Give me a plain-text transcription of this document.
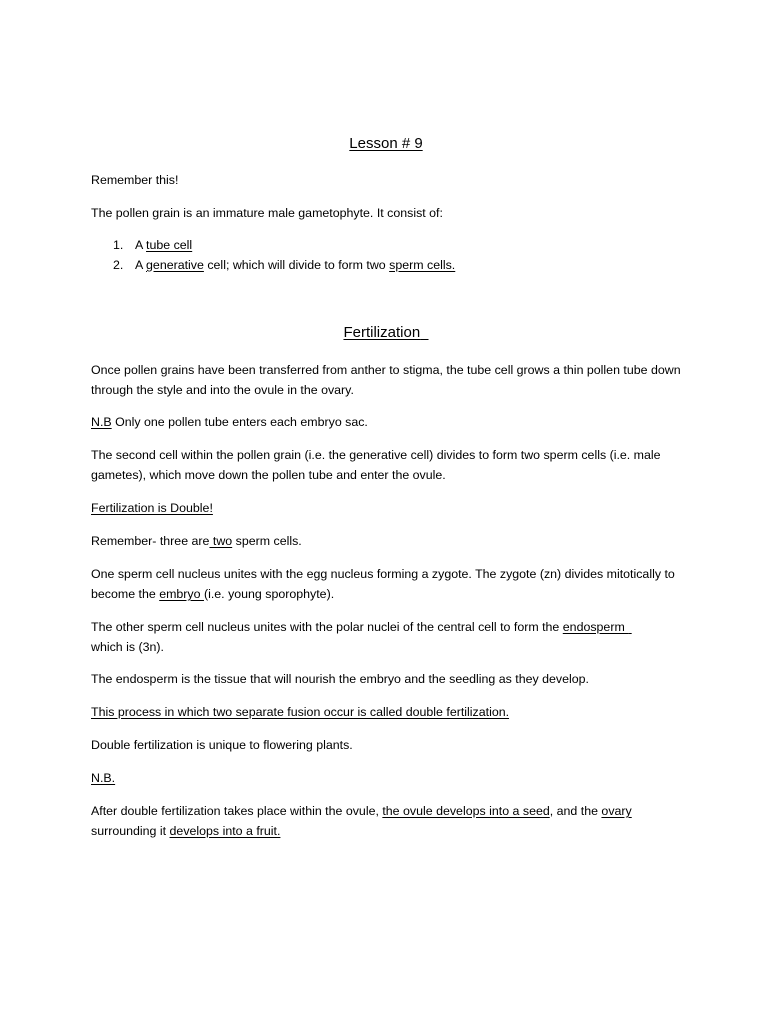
Lesson # 9

Remember this!

The pollen grain is an immature male gametophyte. It consist of:

1. A tube cell
2. A generative cell; which will divide to form two sperm cells.
Fertilization

Once pollen grains have been transferred from anther to stigma, the tube cell grows a thin pollen tube down through the style and into the ovule in the ovary.

N.B Only one pollen tube enters each embryo sac.

The second cell within the pollen grain (i.e. the generative cell) divides to form two sperm cells (i.e. male gametes), which move down the pollen tube and enter the ovule.

Fertilization is Double!

Remember- three are two sperm cells.

One sperm cell nucleus unites with the egg nucleus forming a zygote. The zygote (zn) divides mitotically to become the embryo (i.e. young sporophyte).

The other sperm cell nucleus unites with the polar nuclei of the central cell to form the endosperm
which is (3n).

The endosperm is the tissue that will nourish the embryo and the seedling as they develop.

This process in which two separate fusion occur is called double fertilization.

Double fertilization is unique to flowering plants.

N.B.

After double fertilization takes place within the ovule, the ovule develops into a seed, and the ovary
surrounding it develops into a fruit.
